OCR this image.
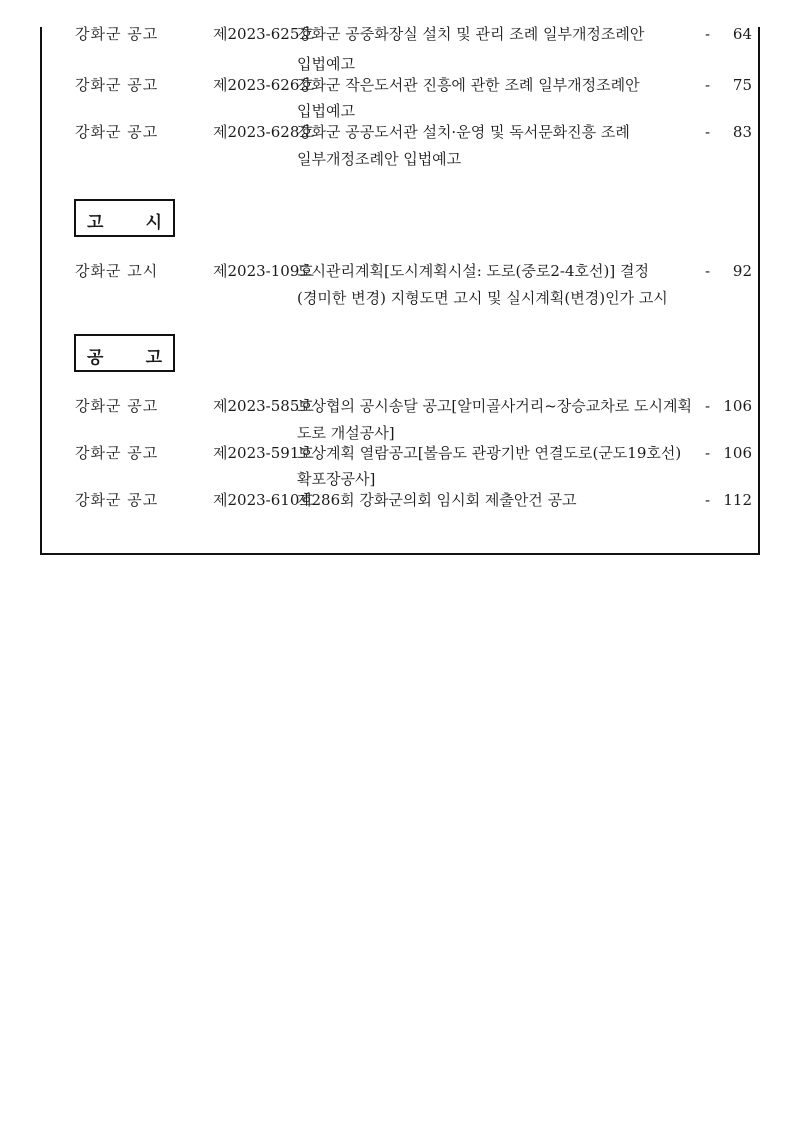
강화군 공고	제2023-625호
강화군 공중화장실 설치 및 관리 조례 일부개정조례안	- 64
입법예고
강화군 공고	제2023-626호
강화군 작은도서관 진흥에 관한 조례 일부개정조례안	- 75
입법예고
강화군 공고	제2023-628호
강화군 공공도서관 설치·운영 및 독서문화진흥 조례	- 83
일부개정조례안 입법예고
고 시
강화군 고시	제2023-109호
도시관리계획[도시계획시설: 도로(중로2-4호선)] 결정	- 92
(경미한 변경) 지형도면 고시 및 실시계획(변경)인가 고시
공 고
강화군 공고	제2023-585호
보상협의 공시송달 공고[알미골사거리~장승교차로 도시계획 - 106
도로 개설공사]
강화군 공고	제2023-591호
보상계획 열람공고[볼음도 관광기반 연결도로(군도19호선) - 106
확포장공사]
강화군 공고	제2023-610호
제286회 강화군의회 임시회 제출안건 공고	- 112
